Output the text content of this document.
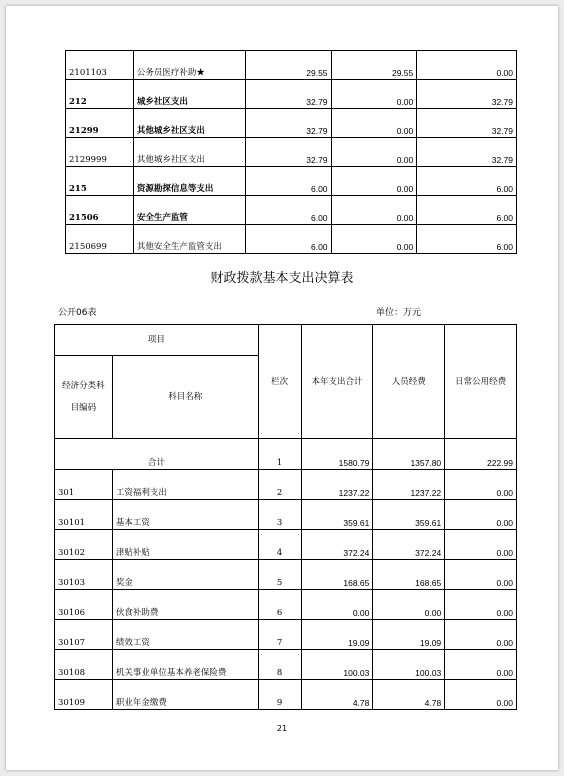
2101103	公务员医疗补助★	29.55	29.55	0.00
212	城乡社区支出	32.79	0.00	32.79
21299	其他城乡社区支出	32.79	0.00	32.79
2129999	其他城乡社区支出	32.79	0.00	32.79
215	资源勘探信息等支出	6.00	0.00	6.00
21506	安全生产监管	6.00	0.00	6.00
2150699	其他安全生产监管支出	6.00	0.00	6.00
财政拨款基本支出决算表
公开06表	单位：万元
项目		栏次	本年支出合计	人员经费	日常公用经费
经济分类科
目编码	科目名称				
合计		1	1580.79	1357.80	222.99
301	工资福利支出	2	1237.22	1237.22	0.00
30101	基本工资	3	359.61	359.61	0.00
30102	津贴补贴	4	372.24	372.24	0.00
30103	奖金	5	168.65	168.65	0.00
30106	伙食补助费	6	0.00	0.00	0.00
30107	绩效工资	7	19.09	19.09	0.00
30108	机关事业单位基本养老保险费	8	100.03	100.03	0.00
30109	职业年金缴费	9	4.78	4.78	0.00
21
